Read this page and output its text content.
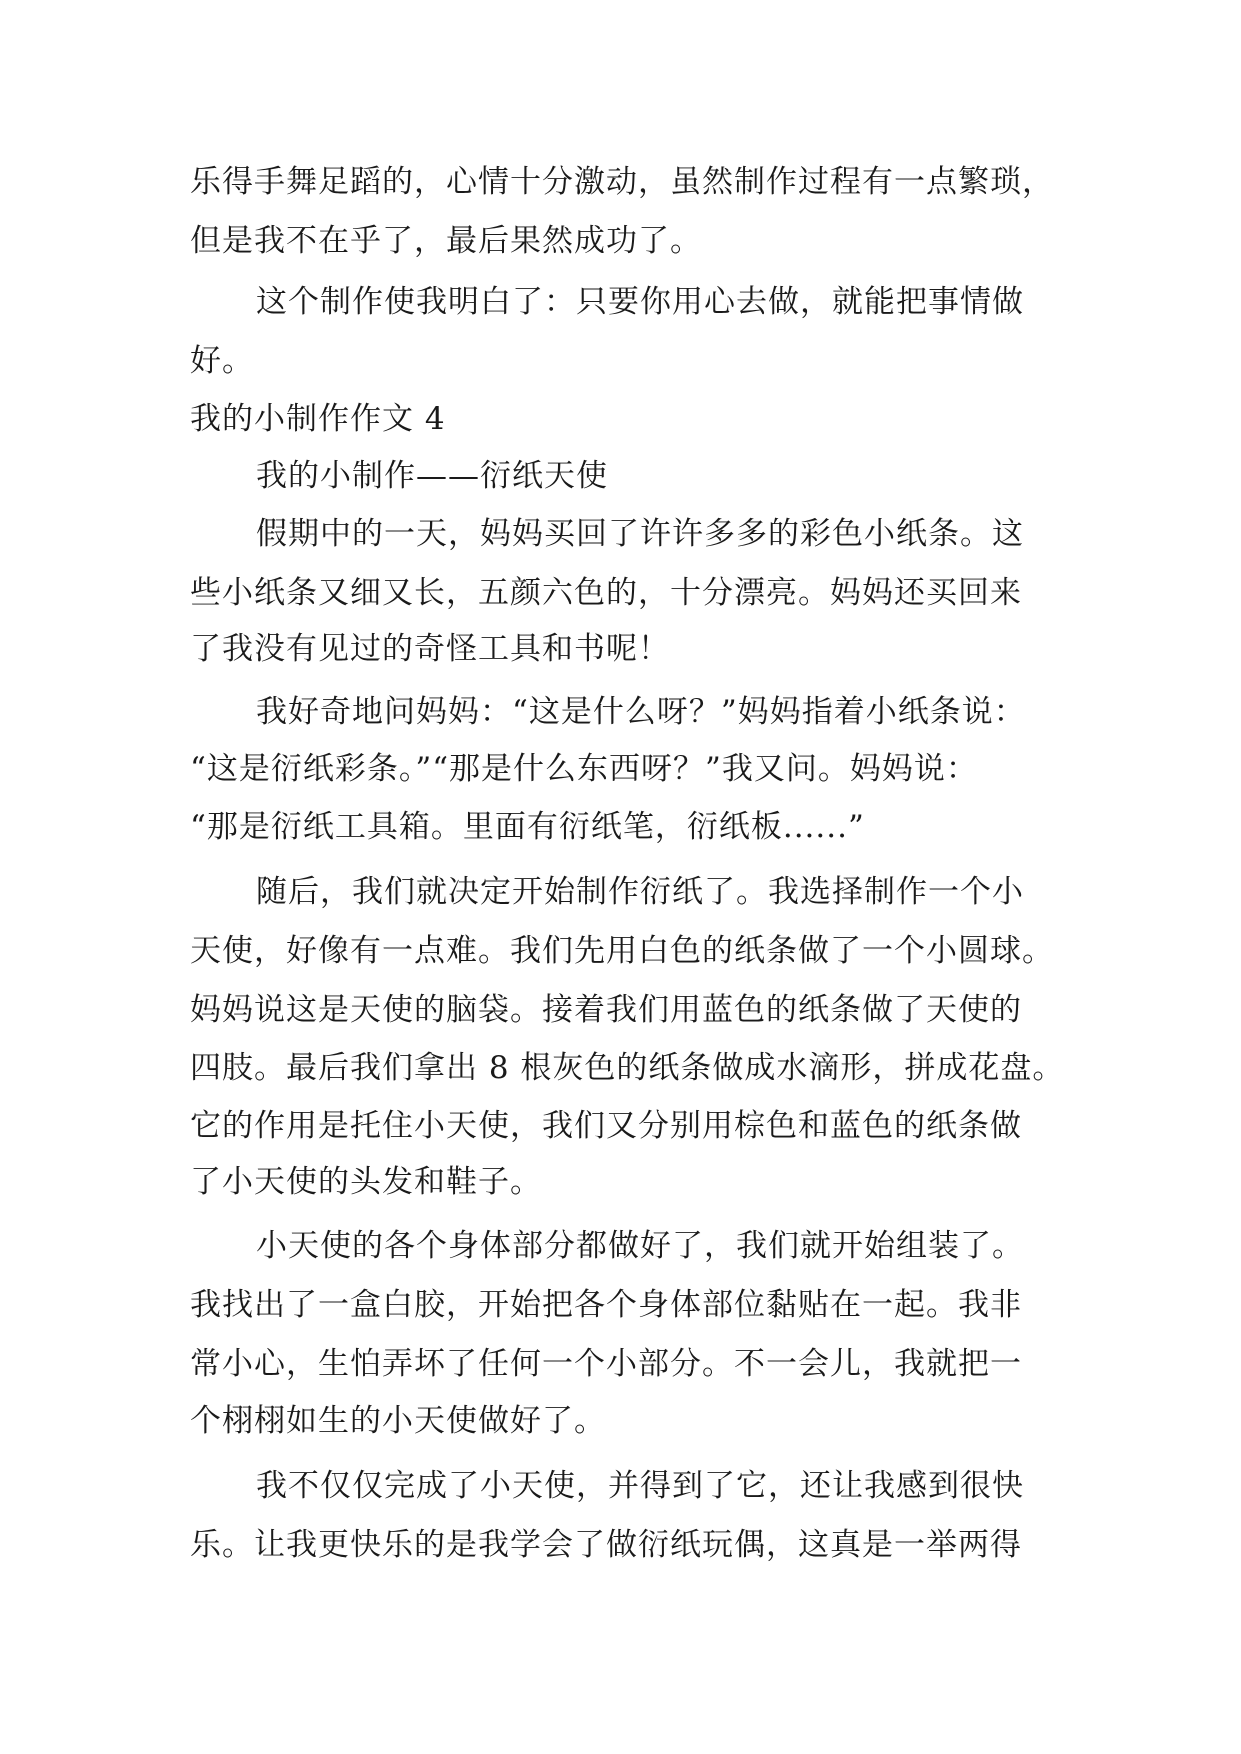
乐得手舞足蹈的，心情十分激动，虽然制作过程有一点繁琐，
但是我不在乎了，最后果然成功了。
这个制作使我明白了：只要你用心去做，就能把事情做
好。
我的小制作作文 4
我的小制作——衍纸天使
假期中的一天，妈妈买回了许许多多的彩色小纸条。这
些小纸条又细又长，五颜六色的，十分漂亮。妈妈还买回来
了我没有见过的奇怪工具和书呢！
我好奇地问妈妈：“这是什么呀？”妈妈指着小纸条说：
“这是衍纸彩条。”“那是什么东西呀？”我又问。妈妈说：
“那是衍纸工具箱。里面有衍纸笔，衍纸板......”
随后，我们就决定开始制作衍纸了。我选择制作一个小
天使，好像有一点难。我们先用白色的纸条做了一个小圆球。
妈妈说这是天使的脑袋。接着我们用蓝色的纸条做了天使的
四肢。最后我们拿出 8 根灰色的纸条做成水滴形，拼成花盘。
它的作用是托住小天使，我们又分别用棕色和蓝色的纸条做
了小天使的头发和鞋子。
小天使的各个身体部分都做好了，我们就开始组装了。
我找出了一盒白胶，开始把各个身体部位黏贴在一起。我非
常小心，生怕弄坏了任何一个小部分。不一会儿，我就把一
个栩栩如生的小天使做好了。
我不仅仅完成了小天使，并得到了它，还让我感到很快
乐。让我更快乐的是我学会了做衍纸玩偶，这真是一举两得
